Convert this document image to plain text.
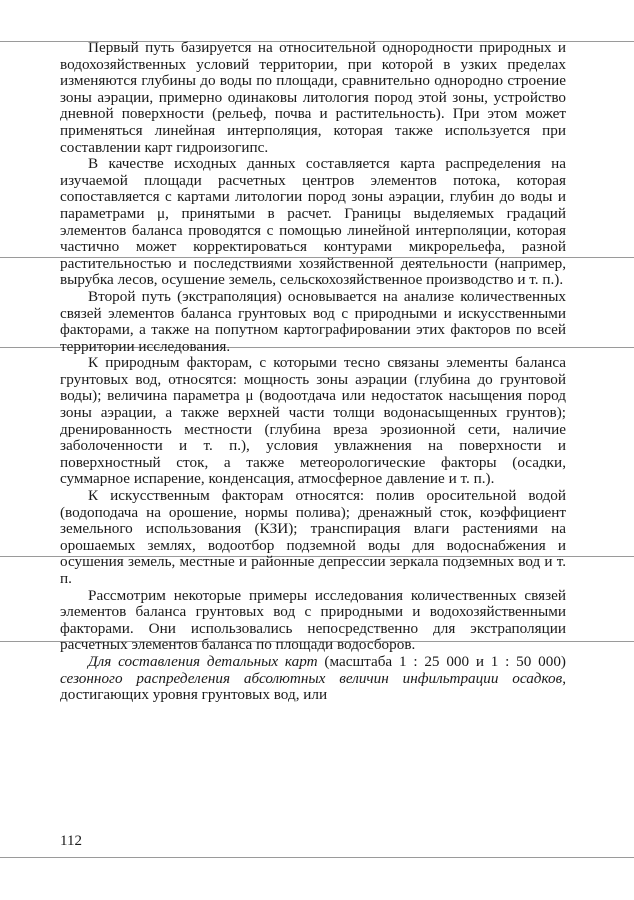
Первый путь базируется на относительной однородности природных и водохозяйственных условий территории, при которой в узких пределах изменяются глубины до воды по площади, сравнительно однородно строение зоны аэрации, примерно одинаковы литология пород этой зоны, устройство дневной поверхности (рельеф, почва и растительность). При этом может применяться линейная интерполяция, которая также используется при составлении карт гидроизогипс.

В качестве исходных данных составляется карта распределения на изучаемой площади расчетных центров элементов потока, которая сопоставляется с картами литологии пород зоны аэрации, глубин до воды и параметрами μ, принятыми в расчет. Границы выделяемых градаций элементов баланса проводятся с помощью линейной интерполяции, которая частично может корректироваться контурами микрорельефа, разной растительностью и последствиями хозяйственной деятельности (например, вырубка лесов, осушение земель, сельскохозяйственное производство и т. п.).

Второй путь (экстраполяция) основывается на анализе количественных связей элементов баланса грунтовых вод с природными и искусственными факторами, а также на попутном картографировании этих факторов по всей территории исследования.

К природным факторам, с которыми тесно связаны элементы баланса грунтовых вод, относятся: мощность зоны аэрации (глубина до грунтовой воды); величина параметра μ (водоотдача или недостаток насыщения пород зоны аэрации, а также верхней части толщи водонасыщенных грунтов); дренированность местности (глубина вреза эрозионной сети, наличие заболоченности и т. п.), условия увлажнения на поверхности и поверхностный сток, а также метеорологические факторы (осадки, суммарное испарение, конденсация, атмосферное давление и т. п.).

К искусственным факторам относятся: полив оросительной водой (водоподача на орошение, нормы полива); дренажный сток, коэффициент земельного использования (КЗИ); транспирация влаги растениями на орошаемых землях, водоотбор подземной воды для водоснабжения и осушения земель, местные и районные депрессии зеркала подземных вод и т. п.

Рассмотрим некоторые примеры исследования количественных связей элементов баланса грунтовых вод с природными и водохозяйственными факторами. Они использовались непосредственно для экстраполяции расчетных элементов баланса по площади водосборов.

Для составления детальных карт (масштаба 1 : 25 000 и 1 : 50 000) сезонного распределения абсолютных величин инфильтрации осадков, достигающих уровня грунтовых вод, или

112
